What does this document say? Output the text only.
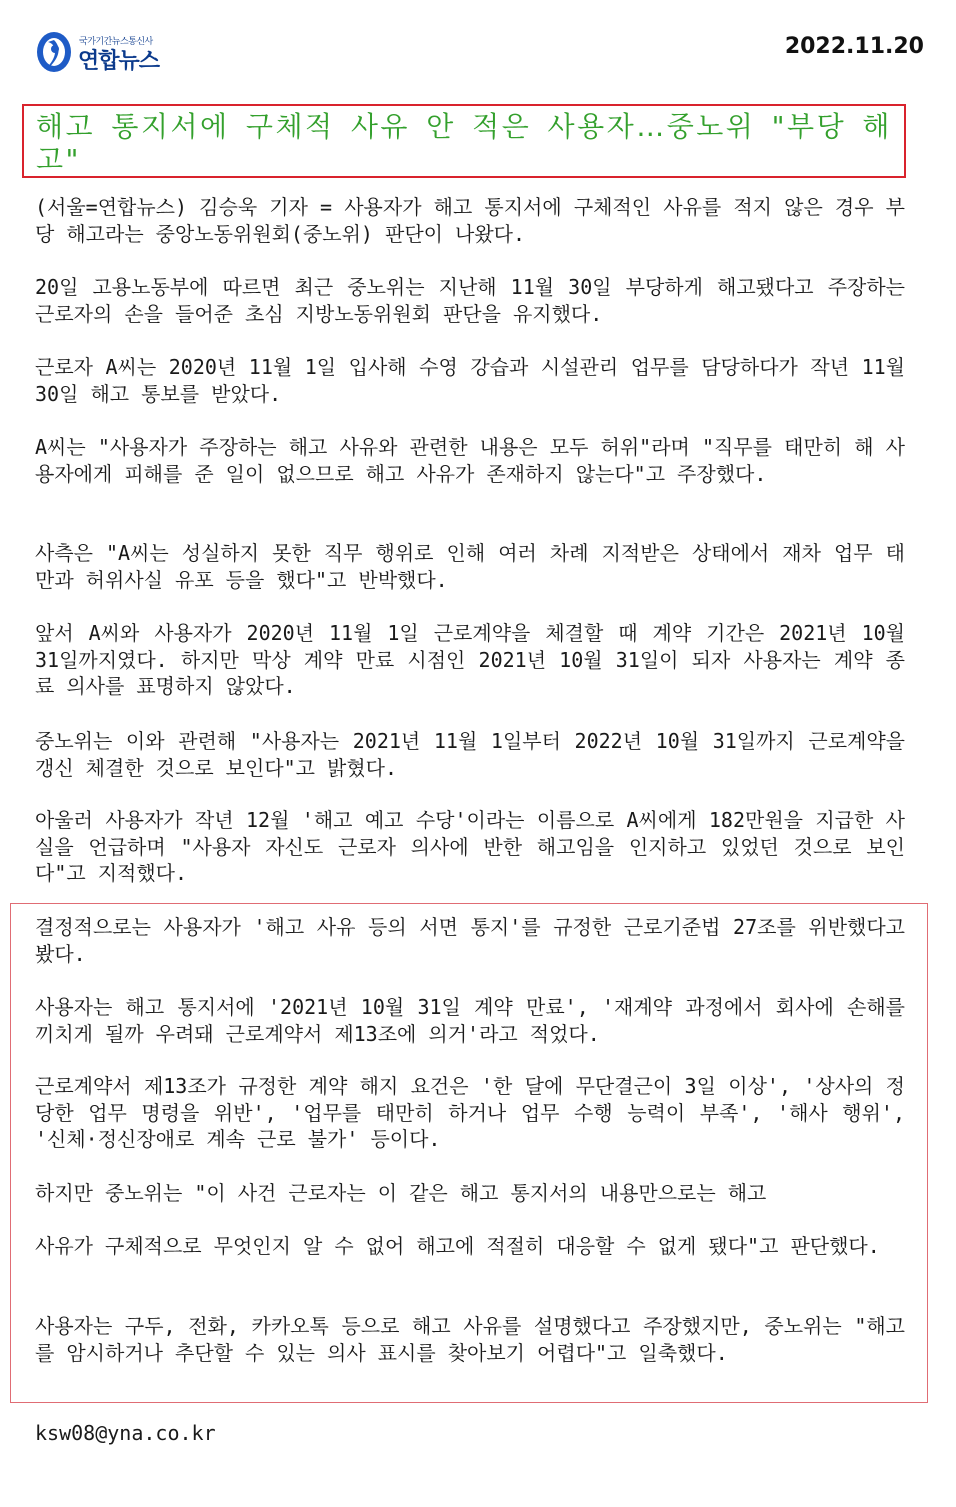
국가기간뉴스통신사
연합뉴스
2022.11.20
해고 통지서에 구체적 사유 안 적은 사용자…중노위 "부당 해고"

(서울=연합뉴스) 김승욱 기자 = 사용자가 해고 통지서에 구체적인 사유를 적지 않은 경우 부당 해고라는 중앙노동위원회(중노위) 판단이 나왔다.

20일 고용노동부에 따르면 최근 중노위는 지난해 11월 30일 부당하게 해고됐다고 주장하는 근로자의 손을 들어준 초심 지방노동위원회 판단을 유지했다.

근로자 A씨는 2020년 11월 1일 입사해 수영 강습과 시설관리 업무를 담당하다가 작년 11월 30일 해고 통보를 받았다.

A씨는 "사용자가 주장하는 해고 사유와 관련한 내용은 모두 허위"라며 "직무를 태만히 해 사용자에게 피해를 준 일이 없으므로 해고 사유가 존재하지 않는다"고 주장했다.

사측은 "A씨는 성실하지 못한 직무 행위로 인해 여러 차례 지적받은 상태에서 재차 업무 태만과 허위사실 유포 등을 했다"고 반박했다.

앞서 A씨와 사용자가 2020년 11월 1일 근로계약을 체결할 때 계약 기간은 2021년 10월 31일까지였다. 하지만 막상 계약 만료 시점인 2021년 10월 31일이 되자 사용자는 계약 종료 의사를 표명하지 않았다.

중노위는 이와 관련해 "사용자는 2021년 11월 1일부터 2022년 10월 31일까지 근로계약을 갱신 체결한 것으로 보인다"고 밝혔다.

아울러 사용자가 작년 12월 '해고 예고 수당'이라는 이름으로 A씨에게 182만원을 지급한 사실을 언급하며 "사용자 자신도 근로자 의사에 반한 해고임을 인지하고 있었던 것으로 보인다"고 지적했다.

결정적으로는 사용자가 '해고 사유 등의 서면 통지'를 규정한 근로기준법 27조를 위반했다고 봤다.

사용자는 해고 통지서에 '2021년 10월 31일 계약 만료', '재계약 과정에서 회사에 손해를 끼치게 될까 우려돼 근로계약서 제13조에 의거'라고 적었다.

근로계약서 제13조가 규정한 계약 해지 요건은 '한 달에 무단결근이 3일 이상', '상사의 정당한 업무 명령을 위반', '업무를 태만히 하거나 업무 수행 능력이 부족', '해사 행위', '신체·정신장애로 계속 근로 불가' 등이다.

하지만 중노위는 "이 사건 근로자는 이 같은 해고 통지서의 내용만으로는 해고

사유가 구체적으로 무엇인지 알 수 없어 해고에 적절히 대응할 수 없게 됐다"고 판단했다.

사용자는 구두, 전화, 카카오톡 등으로 해고 사유를 설명했다고 주장했지만, 중노위는 "해고를 암시하거나 추단할 수 있는 의사 표시를 찾아보기 어렵다"고 일축했다.

ksw08@yna.co.kr
